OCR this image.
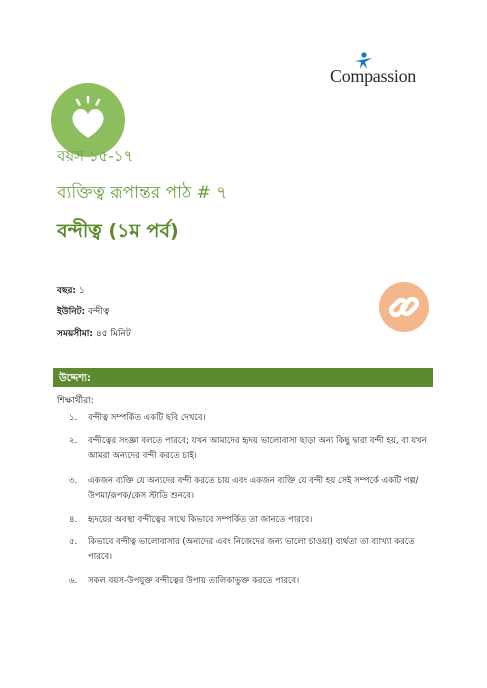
Compassion
বয়স ১৫-১৭
ব্যক্তিত্ব রূপান্তর পাঠ # ৭
বন্দীত্ব (১ম পর্ব)
বছর: ১
ইউনিট: বন্দীত্ব
সময়সীমা: ৪৫ মিনিট
উদ্দেশ্য:
শিক্ষার্থীরা:
১. বন্দীত্ব সম্পর্কিত একটি ছবি দেখবে।
২. বন্দীত্বের সংজ্ঞা বলতে পারবে; যখন আমাদের হৃদয় ভালোবাসা ছাড়া অন্য কিছু দ্বারা বন্দী হয়, বা যখন আমরা অন্যদের বন্দী করতে চাই।
৩. একজন ব্যক্তি যে অন্যদের বন্দী করতে চায় এবং একজন ব্যক্তি যে বন্দী হয় সেই সম্পর্কে একটি গল্প/উপমা/রূপক/কেস স্টাডি শুনবে।
৪. হৃদয়ের অবস্থা বন্দীত্বের সাথে কিভাবে সম্পর্কিত তা জানতে পারবে।
৫. কিভাবে বন্দীত্ব ভালোবাসার (অন্যদের এবং নিজেদের জন্য ভালো চাওয়া) ব্যর্থতা তা ব্যাখ্যা করতে পারবে।
৬. সকল বয়স-উপযুক্ত বন্দীত্বের উপায় তালিকাভুক্ত করতে পারবে।
